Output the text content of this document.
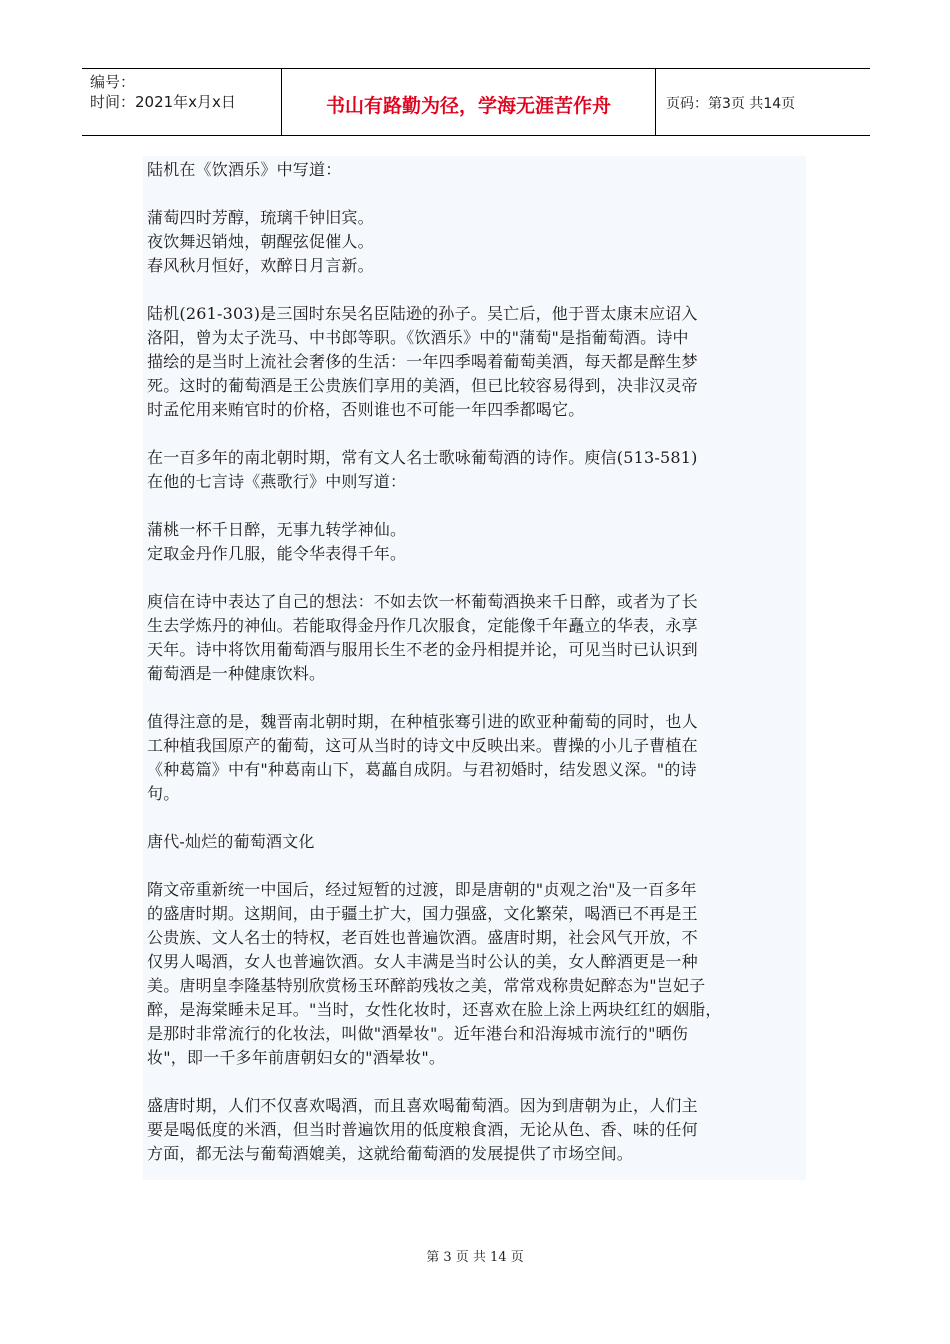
编号：
时间：2021年x月x日	书山有路勤为径，学海无涯苦作舟	页码：第3页 共14页
陆机在《饮酒乐》中写道：
蒲萄四时芳醇，琉璃千钟旧宾。
夜饮舞迟销烛，朝醒弦促催人。
春风秋月恒好，欢醉日月言新。
陆机(261-303)是三国时东吴名臣陆逊的孙子。吴亡后，他于晋太康末应诏入
洛阳，曾为太子洗马、中书郎等职。《饮酒乐》中的"蒲萄"是指葡萄酒。诗中
描绘的是当时上流社会奢侈的生活：一年四季喝着葡萄美酒，每天都是醉生梦
死。这时的葡萄酒是王公贵族们享用的美酒，但已比较容易得到，决非汉灵帝
时孟佗用来贿官时的价格，否则谁也不可能一年四季都喝它。
在一百多年的南北朝时期，常有文人名士歌咏葡萄酒的诗作。庾信(513-581)
在他的七言诗《燕歌行》中则写道：
蒲桃一杯千日醉，无事九转学神仙。
定取金丹作几服，能令华表得千年。
庾信在诗中表达了自己的想法：不如去饮一杯葡萄酒换来千日醉，或者为了长
生去学炼丹的神仙。若能取得金丹作几次服食，定能像千年矗立的华表，永享
天年。诗中将饮用葡萄酒与服用长生不老的金丹相提并论，可见当时已认识到
葡萄酒是一种健康饮料。
值得注意的是，魏晋南北朝时期，在种植张骞引进的欧亚种葡萄的同时，也人
工种植我国原产的葡萄，这可从当时的诗文中反映出来。曹操的小儿子曹植在
《种葛篇》中有"种葛南山下，葛藟自成阴。与君初婚时，结发恩义深。"的诗
句。
唐代-灿烂的葡萄酒文化
隋文帝重新统一中国后，经过短暂的过渡，即是唐朝的"贞观之治"及一百多年
的盛唐时期。这期间，由于疆土扩大，国力强盛，文化繁荣，喝酒已不再是王
公贵族、文人名士的特权，老百姓也普遍饮酒。盛唐时期，社会风气开放，不
仅男人喝酒，女人也普遍饮酒。女人丰满是当时公认的美，女人醉酒更是一种
美。唐明皇李隆基特别欣赏杨玉环醉韵残妆之美，常常戏称贵妃醉态为"岂妃子
醉，是海棠睡未足耳。"当时，女性化妆时，还喜欢在脸上涂上两块红红的姻脂，
是那时非常流行的化妆法，叫做"酒晕妆"。近年港台和沿海城市流行的"晒伤
妆"，即一千多年前唐朝妇女的"酒晕妆"。
盛唐时期，人们不仅喜欢喝酒，而且喜欢喝葡萄酒。因为到唐朝为止，人们主
要是喝低度的米酒，但当时普遍饮用的低度粮食酒，无论从色、香、味的任何
方面，都无法与葡萄酒媲美，这就给葡萄酒的发展提供了市场空间。
第 3 页 共 14 页
